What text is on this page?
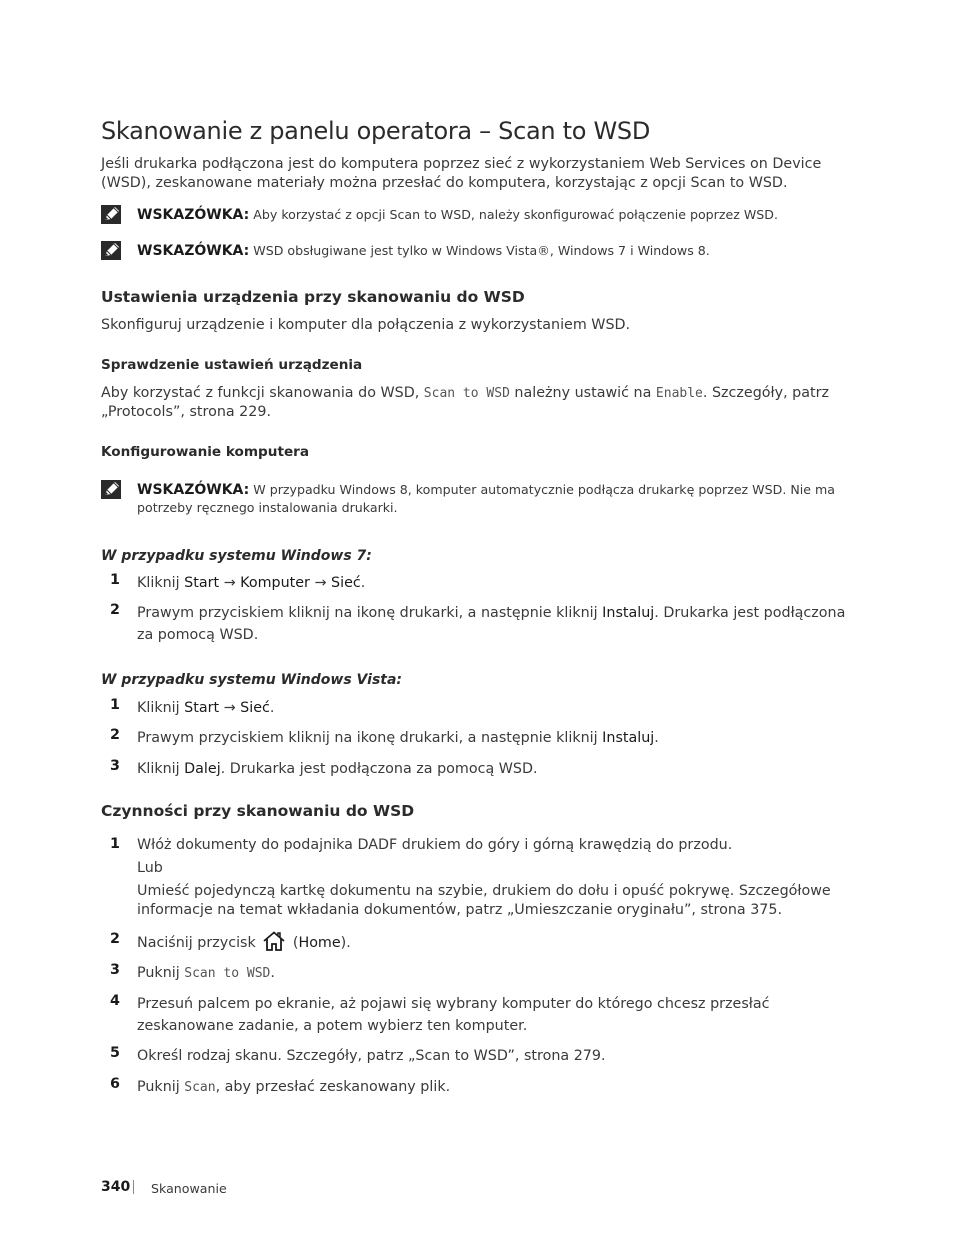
Skanowanie z panelu operatora – Scan to WSD

Jeśli drukarka podłączona jest do komputera poprzez sieć z wykorzystaniem Web Services on Device (WSD), zeskanowane materiały można przesłać do komputera, korzystając z opcji Scan to WSD.

WSKAZÓWKA: Aby korzystać z opcji Scan to WSD, należy skonfigurować połączenie poprzez WSD.
WSKAZÓWKA: WSD obsługiwane jest tylko w Windows Vista®, Windows 7 i Windows 8.
Ustawienia urządzenia przy skanowaniu do WSD

Skonfiguruj urządzenie i komputer dla połączenia z wykorzystaniem WSD.

Sprawdzenie ustawień urządzenia

Aby korzystać z funkcji skanowania do WSD, Scan to WSD należny ustawić na Enable. Szczegóły, patrz „Protocols”, strona 229.

Konfigurowanie komputera
WSKAZÓWKA: W przypadku Windows 8, komputer automatycznie podłącza drukarkę poprzez WSD. Nie ma potrzeby ręcznego instalowania drukarki.

W przypadku systemu Windows 7:

1 Kliknij Start → Komputer → Sieć.
2 Prawym przyciskiem kliknij na ikonę drukarki, a następnie kliknij Instaluj. Drukarka jest podłączona za pomocą WSD.

W przypadku systemu Windows Vista:

1 Kliknij Start → Sieć.
2 Prawym przyciskiem kliknij na ikonę drukarki, a następnie kliknij Instaluj.
3 Kliknij Dalej. Drukarka jest podłączona za pomocą WSD.
Czynności przy skanowaniu do WSD
1 Włóż dokumenty do podajnika DADF drukiem do góry i górną krawędzią do przodu.
Lub
Umieść pojedynczą kartkę dokumentu na szybie, drukiem do dołu i opuść pokrywę. Szczegółowe informacje na temat wkładania dokumentów, patrz „Umieszczanie oryginału”, strona 375.
2 Naciśnij przycisk  (Home).
3 Puknij Scan to WSD.
4 Przesuń palcem po ekranie, aż pojawi się wybrany komputer do którego chcesz przesłać zeskanowane zadanie, a potem wybierz ten komputer.
5 Określ rodzaj skanu. Szczegóły, patrz „Scan to WSD”, strona 279.
6 Puknij Scan, aby przesłać zeskanowany plik.
340 Skanowanie
